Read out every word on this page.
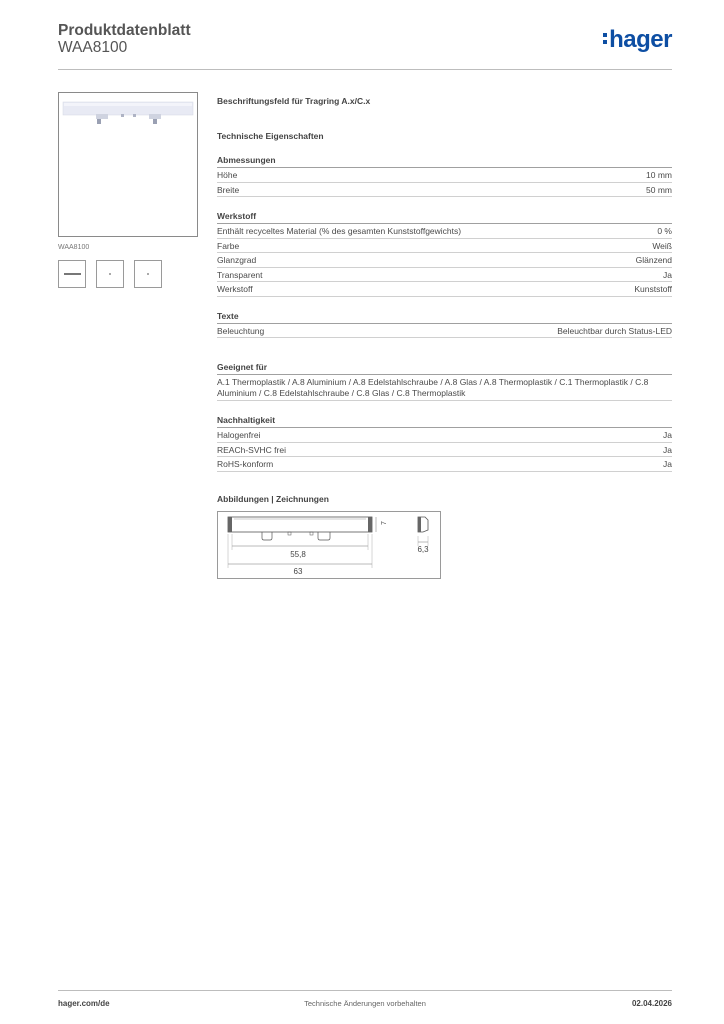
Produktdatenblatt
WAA8100	hager
WAA8100
Beschriftungsfeld für Tragring A.x/C.x
Technische Eigenschaften
Abmessungen
Höhe	10 mm
Breite	50 mm
Werkstoff
Enthält recyceltes Material (% des gesamten Kunststoffgewichts)	0 %
Farbe	Weiß
Glanzgrad	Glänzend
Transparent	Ja
Werkstoff	Kunststoff
Texte
Beleuchtung	Beleuchtbar durch Status-LED
Geeignet für
A.1 Thermoplastik / A.8 Aluminium / A.8 Edelstahlschraube / A.8 Glas / A.8 Thermoplastik / C.1 Thermoplastik / C.8 Aluminium / C.8 Edelstahlschraube / C.8 Glas / C.8 Thermoplastik
Nachhaltigkeit
Halogenfrei	Ja
REACh-SVHC frei	Ja
RoHS-konform	Ja
Abbildungen | Zeichnungen
55,8
63
7
6,3
hager.com/de	Technische Änderungen vorbehalten	02.04.2026
